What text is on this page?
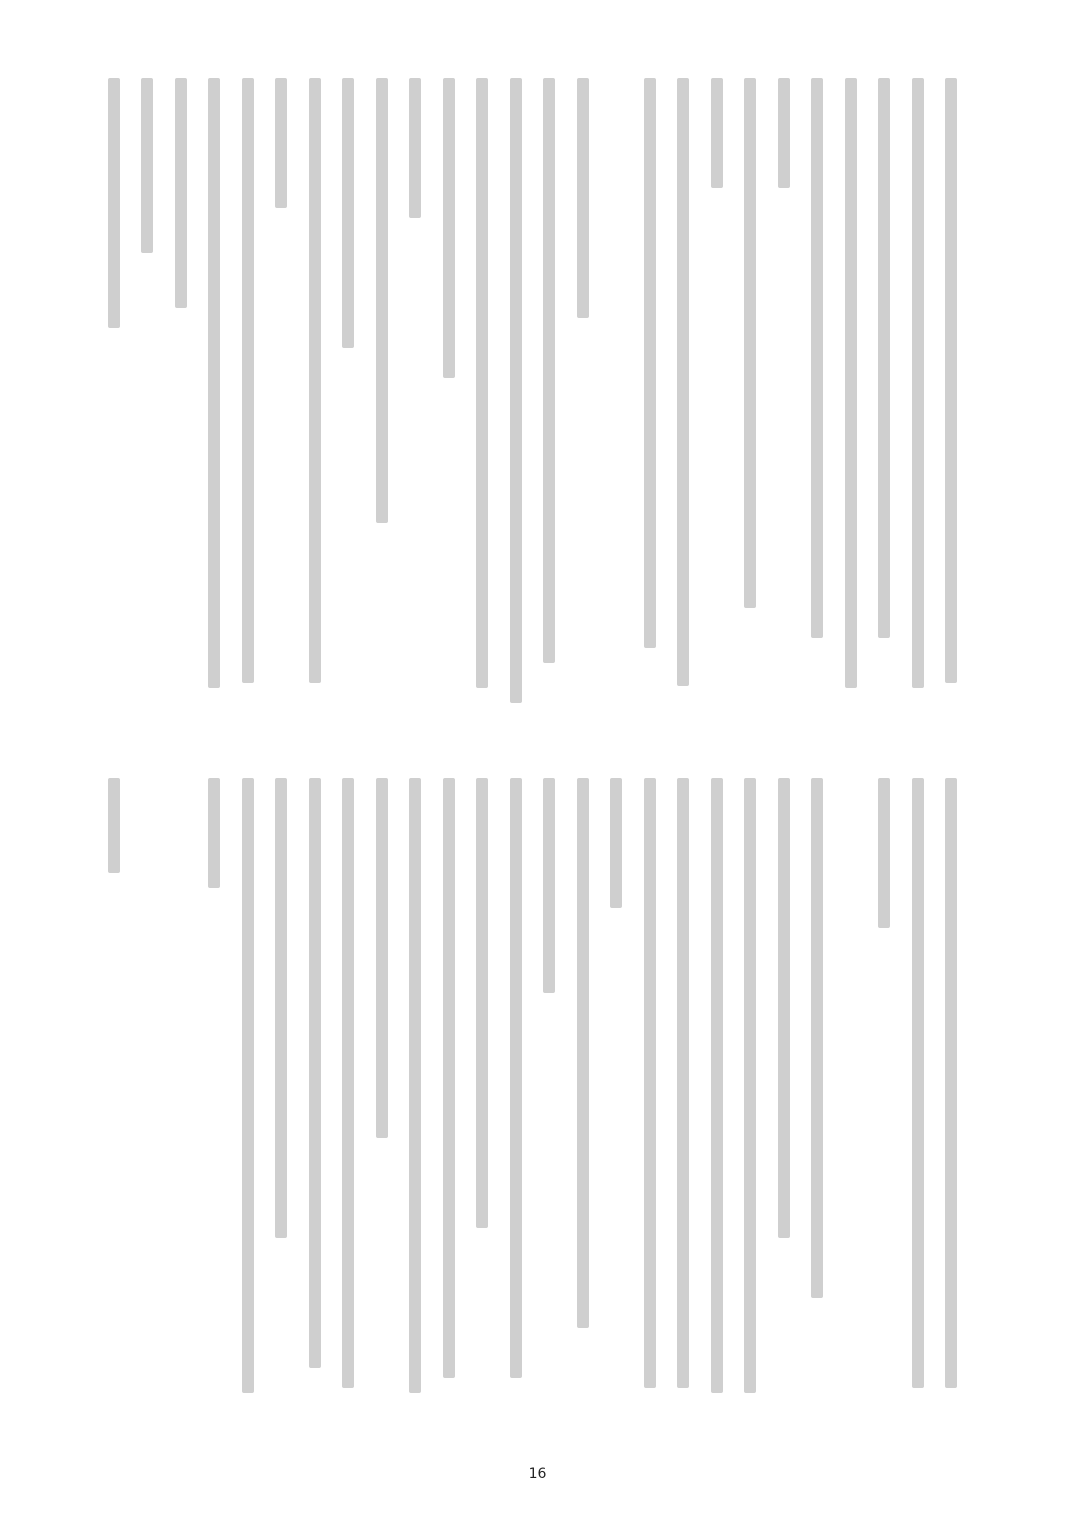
16
